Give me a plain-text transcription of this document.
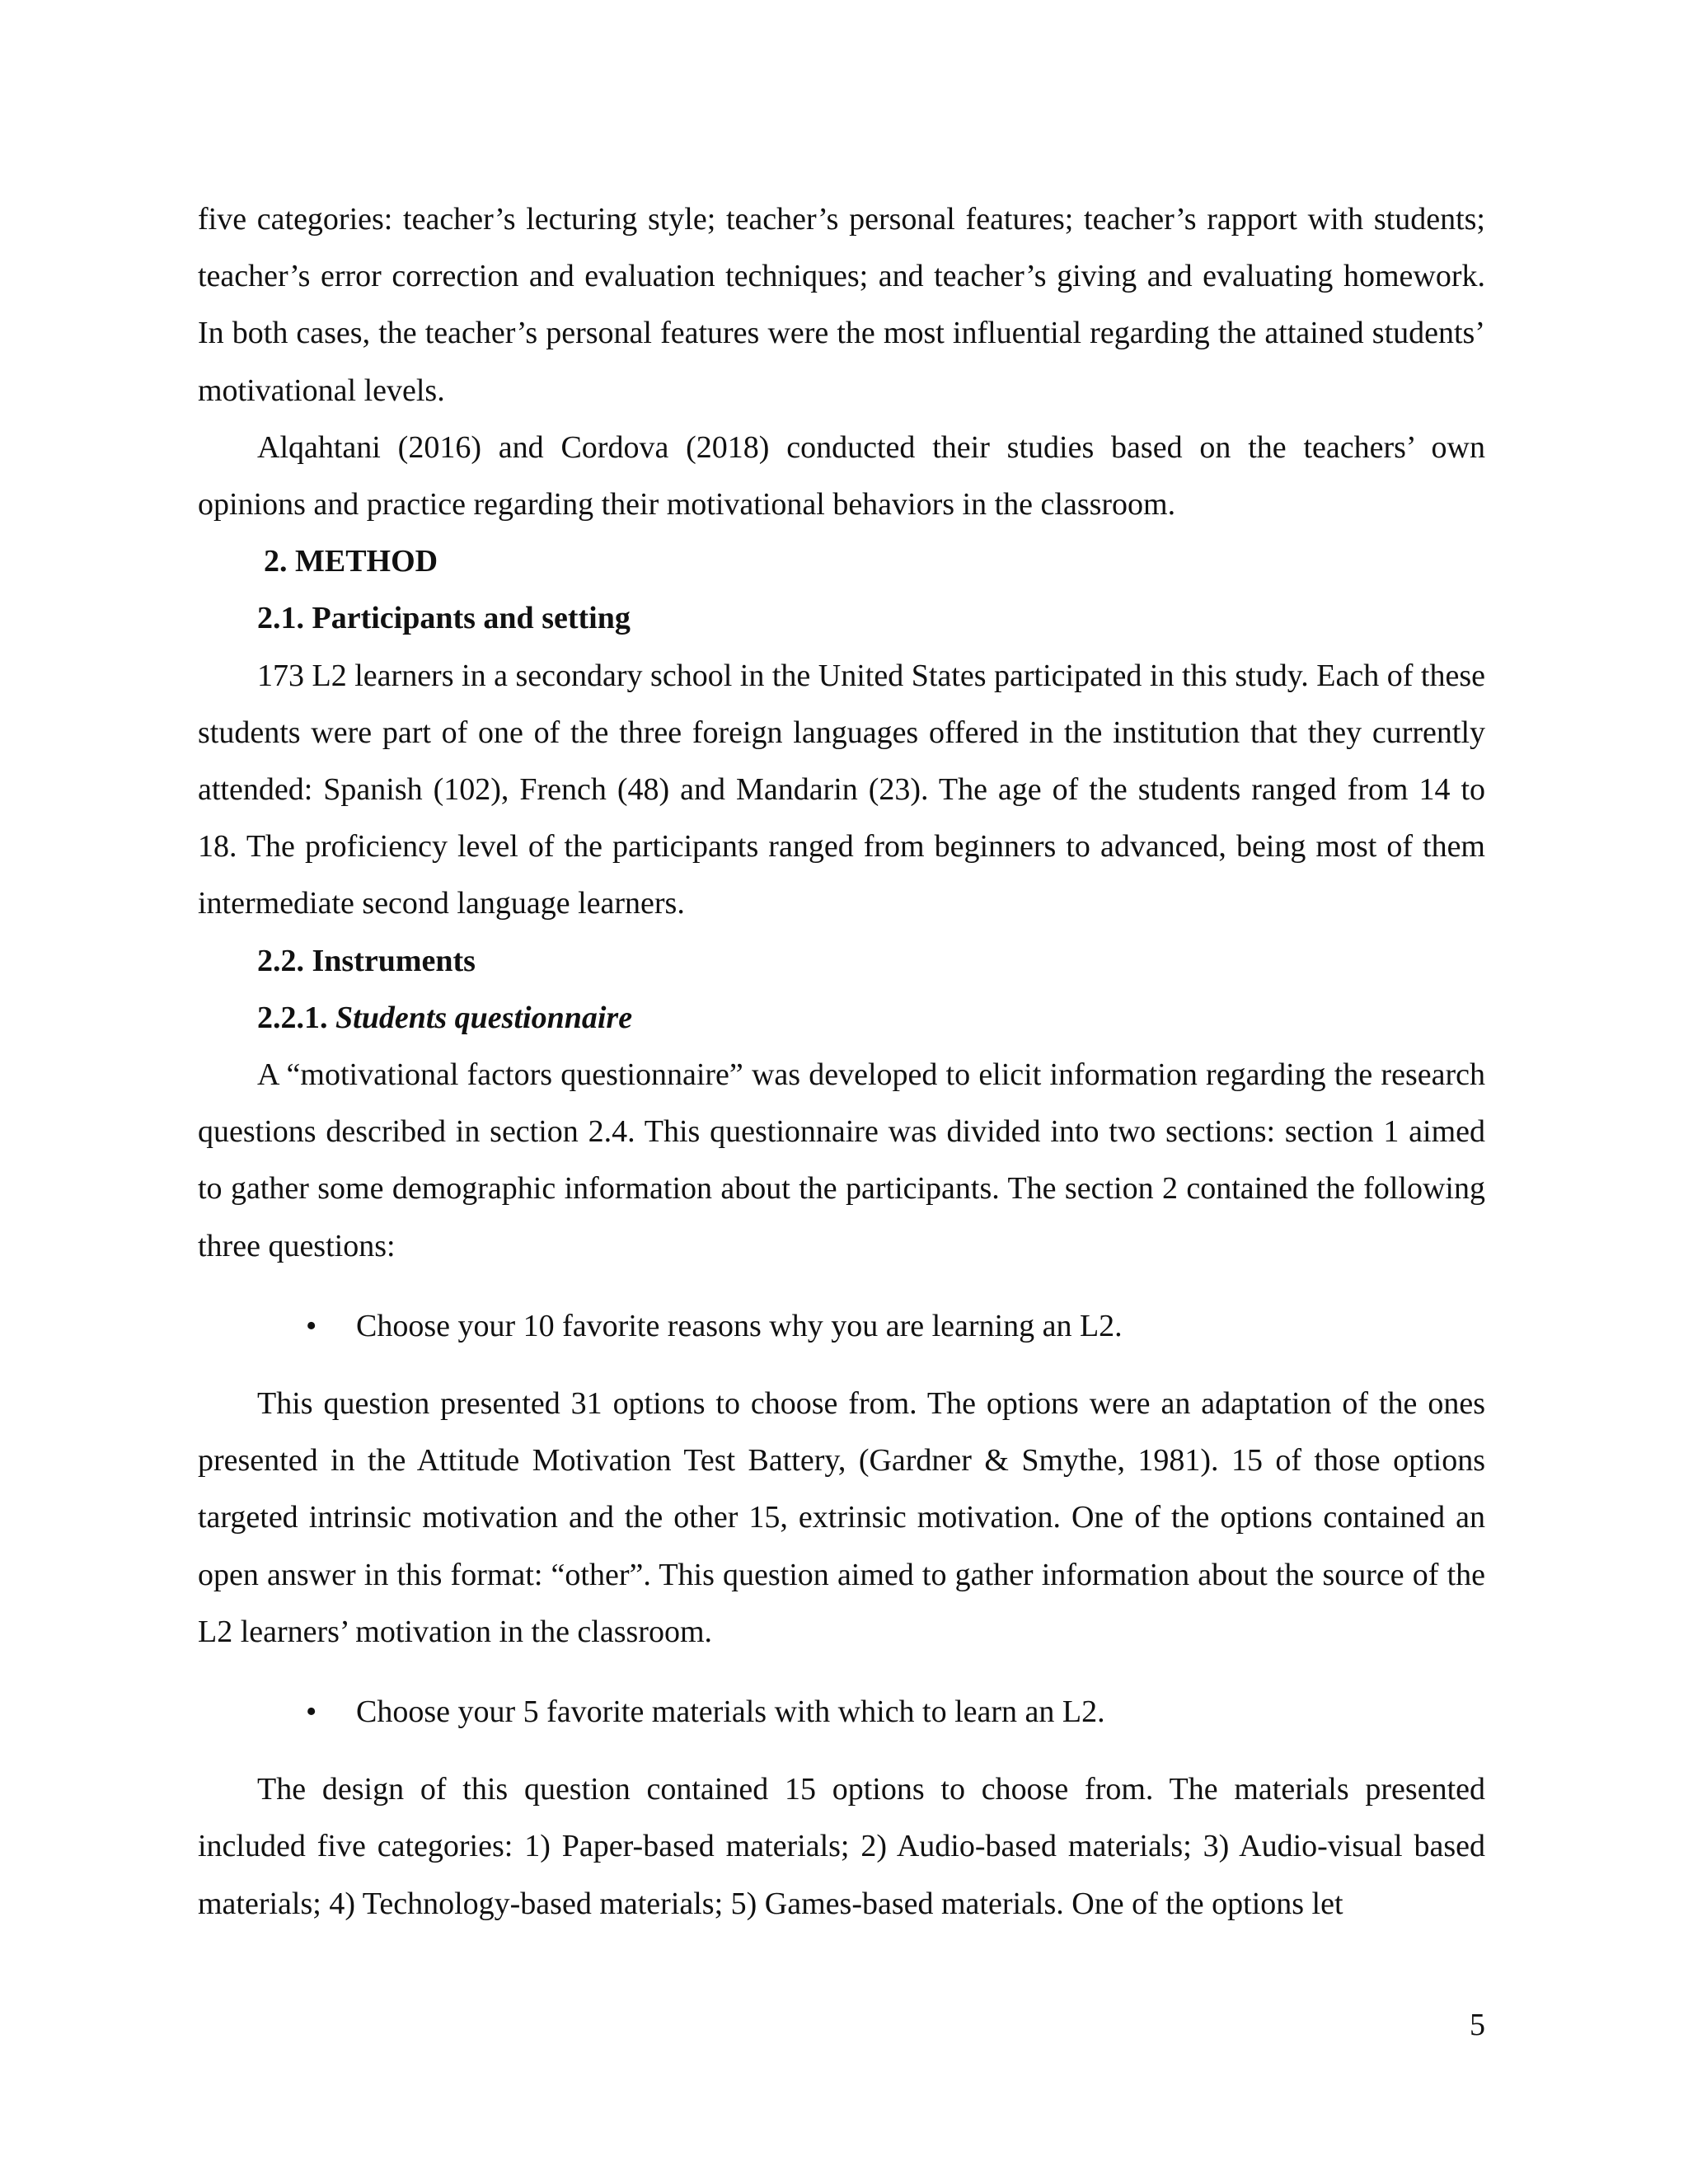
five categories: teacher’s lecturing style; teacher’s personal features; teacher’s rapport with students; teacher’s error correction and evaluation techniques; and teacher’s giving and evaluating homework. In both cases, the teacher’s personal features were the most influential regarding the attained students’ motivational levels.

Alqahtani (2016) and Cordova (2018) conducted their studies based on the teachers’ own opinions and practice regarding their motivational behaviors in the classroom.

2. METHOD

2.1. Participants and setting

173 L2 learners in a secondary school in the United States participated in this study. Each of these students were part of one of the three foreign languages offered in the institution that they currently attended: Spanish (102), French (48) and Mandarin (23). The age of the students ranged from 14 to 18. The proficiency level of the participants ranged from beginners to advanced, being most of them intermediate second language learners.

2.2. Instruments

2.2.1. Students questionnaire

A “motivational factors questionnaire” was developed to elicit information regarding the research questions described in section 2.4. This questionnaire was divided into two sections: section 1 aimed to gather some demographic information about the participants. The section 2 contained the following three questions:

• Choose your 10 favorite reasons why you are learning an L2.

This question presented 31 options to choose from. The options were an adaptation of the ones presented in the Attitude Motivation Test Battery, (Gardner & Smythe, 1981). 15 of those options targeted intrinsic motivation and the other 15, extrinsic motivation. One of the options contained an open answer in this format: “other”. This question aimed to gather information about the source of the L2 learners’ motivation in the classroom.

• Choose your 5 favorite materials with which to learn an L2.

The design of this question contained 15 options to choose from. The materials presented included five categories: 1) Paper-based materials; 2) Audio-based materials; 3) Audio-visual based materials; 4) Technology-based materials; 5) Games-based materials. One of the options let

5
